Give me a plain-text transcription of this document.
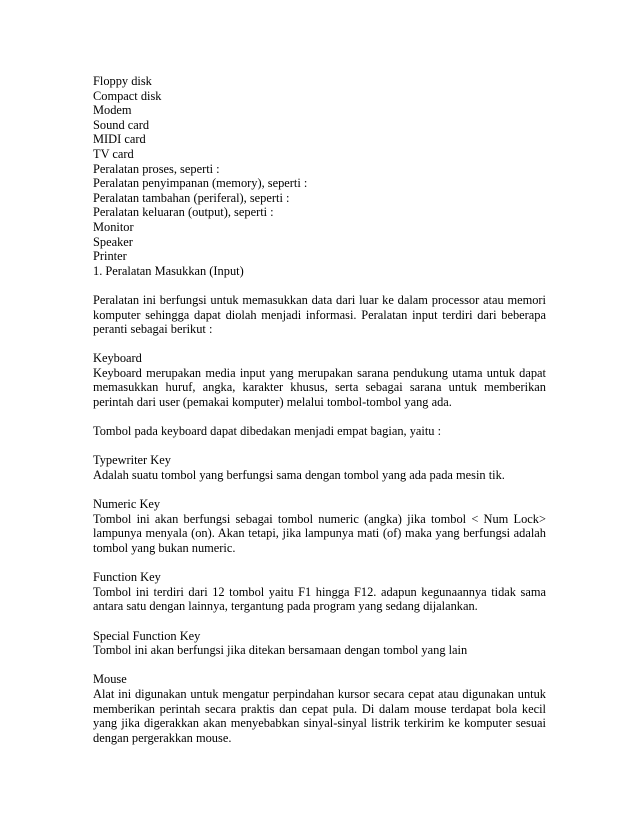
Floppy disk
Compact disk
Modem
Sound card
MIDI card
TV card
Peralatan proses, seperti :
Peralatan penyimpanan (memory), seperti :
Peralatan tambahan (periferal), seperti :
Peralatan keluaran (output), seperti :
Monitor
Speaker
Printer
1. Peralatan Masukkan (Input)

Peralatan ini berfungsi untuk memasukkan data dari luar ke dalam processor atau memori komputer sehingga dapat diolah menjadi informasi. Peralatan input terdiri dari beberapa peranti sebagai berikut :

Keyboard

Keyboard merupakan media input yang merupakan sarana pendukung utama untuk dapat memasukkan huruf, angka, karakter khusus, serta sebagai sarana untuk memberikan perintah dari user (pemakai komputer) melalui tombol-tombol yang ada.

Tombol pada keyboard dapat dibedakan menjadi empat bagian, yaitu :

Typewriter Key

Adalah suatu tombol yang berfungsi sama dengan tombol yang ada pada mesin tik.

Numeric Key

Tombol ini akan berfungsi sebagai tombol numeric (angka) jika tombol < Num Lock> lampunya menyala (on). Akan tetapi, jika lampunya mati (of) maka yang berfungsi adalah tombol yang bukan numeric.

Function Key

Tombol ini terdiri dari 12 tombol yaitu F1 hingga F12. adapun kegunaannya tidak sama antara satu dengan lainnya, tergantung pada program yang sedang dijalankan.

Special Function Key

Tombol ini akan berfungsi jika ditekan bersamaan dengan tombol yang lain

Mouse

Alat ini digunakan untuk mengatur perpindahan kursor secara cepat atau digunakan untuk memberikan perintah secara praktis dan cepat pula. Di dalam mouse terdapat bola kecil yang jika digerakkan akan menyebabkan sinyal-sinyal listrik terkirim ke komputer sesuai dengan pergerakkan mouse.
